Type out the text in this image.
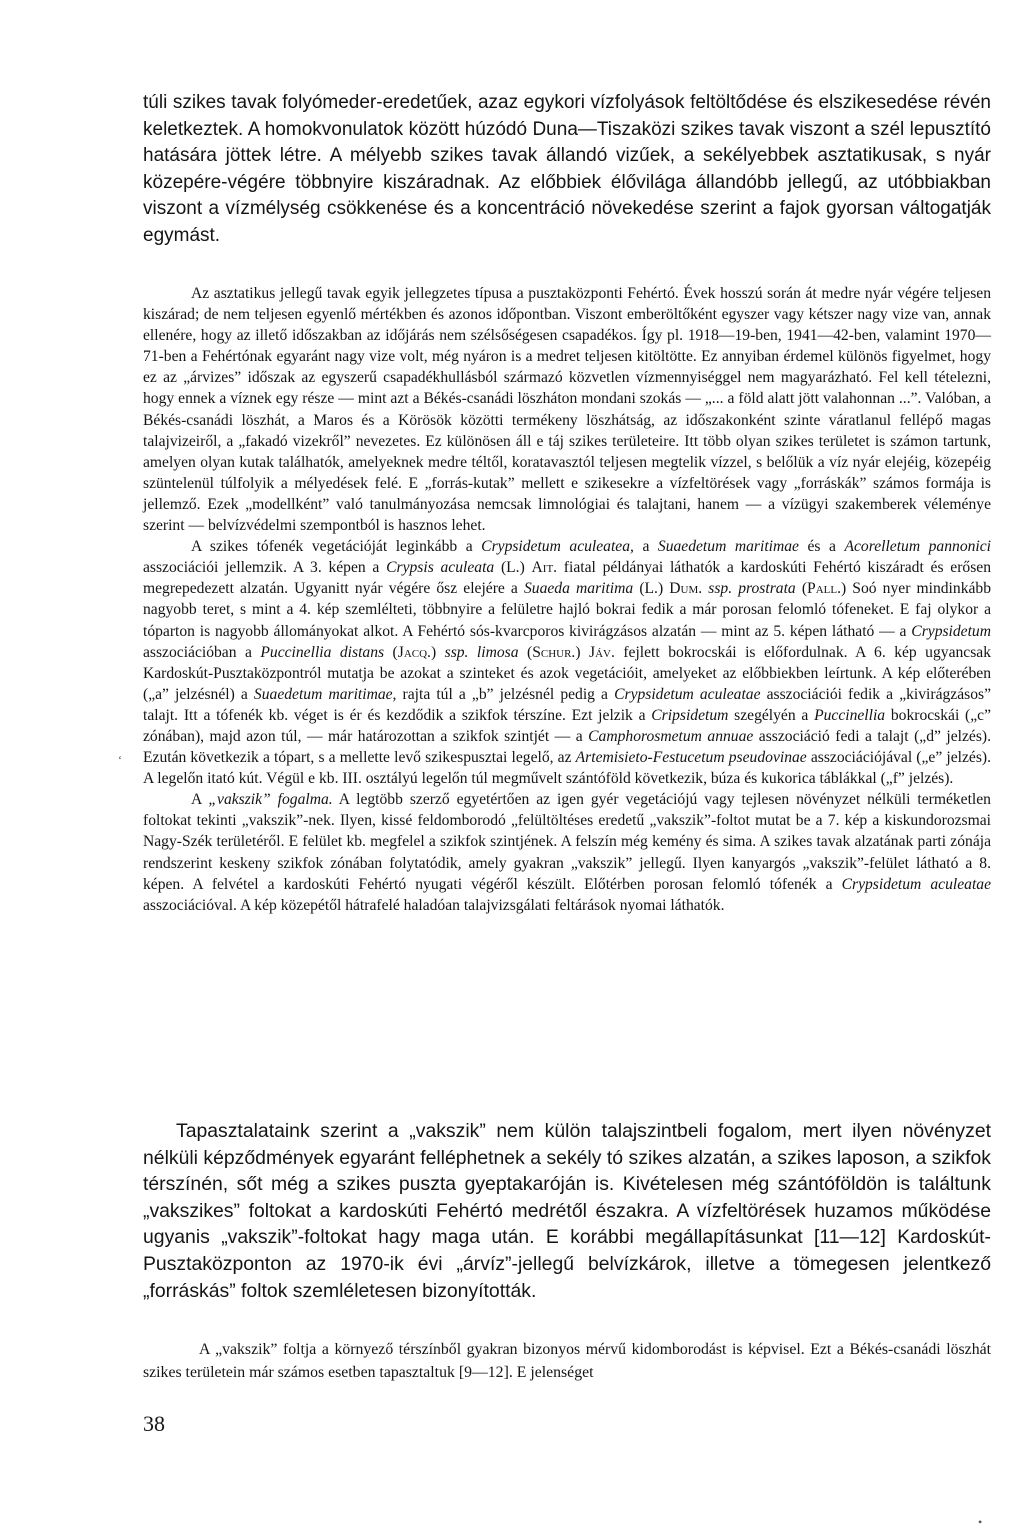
túli szikes tavak folyómeder-eredetűek, azaz egykori vízfolyások feltöltődése és elszikesedése révén keletkeztek. A homokvonulatok között húzódó Duna—Tiszaközi szikes tavak viszont a szél lepusztító hatására jöttek létre. A mélyebb szikes tavak állandó vizűek, a sekélyebbek asztatikusak, s nyár közepére-végére többnyire kiszáradnak. Az előbbiek élővilága állandóbb jellegű, az utóbbiakban viszont a vízmélység csökkenése és a koncentráció növekedése szerint a fajok gyorsan váltogatják egymást.

Az asztatikus jellegű tavak egyik jellegzetes típusa a pusztaközponti Fehértó. Évek hosszú során át medre nyár végére teljesen kiszárad; de nem teljesen egyenlő mértékben és azonos időpontban. Viszont emberöltőként egyszer vagy kétszer nagy vize van, annak ellenére, hogy az illető időszakban az időjárás nem szélsőségesen csapadékos. Így pl. 1918—19-ben, 1941—42-ben, valamint 1970—71-ben a Fehértónak egyaránt nagy vize volt, még nyáron is a medret teljesen kitöltötte. Ez annyiban érdemel különös figyelmet, hogy ez az „árvizes” időszak az egyszerű csapadékhullásból származó közvetlen vízmennyiséggel nem magyarázható. Fel kell tételezni, hogy ennek a víznek egy része — mint azt a Békés-csanádi löszháton mondani szokás — „... a föld alatt jött valahonnan ...”. Valóban, a Békés-csanádi löszhát, a Maros és a Körösök közötti termékeny löszhátság, az időszakonként szinte váratlanul fellépő magas talajvizeiről, a „fakadó vizekről” nevezetes. Ez különösen áll e táj szikes területeire. Itt több olyan szikes területet is számon tartunk, amelyen olyan kutak találhatók, amelyeknek medre téltől, koratavasztól teljesen megtelik vízzel, s belőlük a víz nyár elejéig, közepéig szüntelenül túlfolyik a mélyedések felé. E „forrás-kutak” mellett e szikesekre a vízfeltörések vagy „forráskák” számos formája is jellemző. Ezek „modellként” való tanulmányozása nemcsak limnológiai és talajtani, hanem — a vízügyi szakemberek véleménye szerint — belvízvédelmi szempontból is hasznos lehet.

A szikes tófenék vegetációját leginkább a Crypsidetum aculeatea, a Suaedetum maritimae és a Acorelletum pannonici asszociációi jellemzik. A 3. képen a Crypsis aculeata (L.) Ait. fiatal példányai láthatók a kardoskúti Fehértó kiszáradt és erősen megrepedezett alzatán. Ugyanitt nyár végére ősz elejére a Suaeda maritima (L.) Dum. ssp. prostrata (Pall.) Soó nyer mindinkább nagyobb teret, s mint a 4. kép szemlélteti, többnyire a felületre hajló bokrai fedik a már porosan felomló tófeneket. E faj olykor a tóparton is nagyobb állományokat alkot. A Fehértó sós-kvarcporos kivirágzásos alzatán — mint az 5. képen látható — a Crypsidetum asszociációban a Puccinellia distans (Jacq.) ssp. limosa (Schur.) Jáv. fejlett bokrocskái is előfordulnak. A 6. kép ugyancsak Kardoskút-Pusztaközpontról mutatja be azokat a szinteket és azok vegetációit, amelyeket az előbbiekben leírtunk. A kép előterében („a” jelzésnél) a Suaedetum maritimae, rajta túl a „b” jelzésnél pedig a Crypsidetum aculeatae asszociációi fedik a „kivirágzásos” talajt. Itt a tófenék kb. véget is ér és kezdődik a szikfok térszíne. Ezt jelzik a Cripsidetum szegélyén a Puccinellia bokrocskái („c” zónában), majd azon túl, — már határozottan a szikfok szintjét — a Camphorosmetum annuae asszociáció fedi a talajt („d” jelzés). Ezután következik a tópart, s a mellette levő szikespusztai legelő, az Artemisieto-Festucetum pseudovinae asszociációjával („e” jelzés). A legelőn itató kút. Végül e kb. III. osztályú legelőn túl megművelt szántóföld következik, búza és kukorica táblákkal („f” jelzés).

A „vakszik” fogalma. A legtöbb szerző egyetértően az igen gyér vegetációjú vagy tejlesen növényzet nélküli terméketlen foltokat tekinti „vakszik”-nek. Ilyen, kissé feldomborodó „felültöltéses eredetű „vakszik”-foltot mutat be a 7. kép a kiskundorozsmai Nagy-Szék területéről. E felület kb. megfelel a szikfok szintjének. A felszín még kemény és sima. A szikes tavak alzatának parti zónája rendszerint keskeny szikfok zónában folytatódik, amely gyakran „vakszik” jellegű. Ilyen kanyargós „vakszik”-felület látható a 8. képen. A felvétel a kardoskúti Fehértó nyugati végéről készült. Előtérben porosan felomló tófenék a Crypsidetum aculeatae asszociációval. A kép közepétől hátrafelé haladóan talajvizsgálati feltárások nyomai láthatók.

Tapasztalataink szerint a „vakszik” nem külön talajszintbeli fogalom, mert ilyen növényzet nélküli képződmények egyaránt felléphetnek a sekély tó szikes alzatán, a szikes laposon, a szikfok térszínén, sőt még a szikes puszta gyeptakaróján is. Kivételesen még szántóföldön is találtunk „vakszikes” foltokat a kardoskúti Fehértó medrétől északra. A vízfeltörések huzamos működése ugyanis „vakszik”-foltokat hagy maga után. E korábbi megállapításunkat [11—12] Kardoskút-Pusztaközponton az 1970-ik évi „árvíz”-jellegű belvízkárok, illetve a tömegesen jelentkező „forráskás” foltok szemléletesen bizonyították.

A „vakszik” foltja a környező térszínből gyakran bizonyos mérvű kidomborodást is képvisel. Ezt a Békés-csanádi löszhát szikes területein már számos esetben tapasztaltuk [9—12]. E jelenséget

38

ʻ
•
